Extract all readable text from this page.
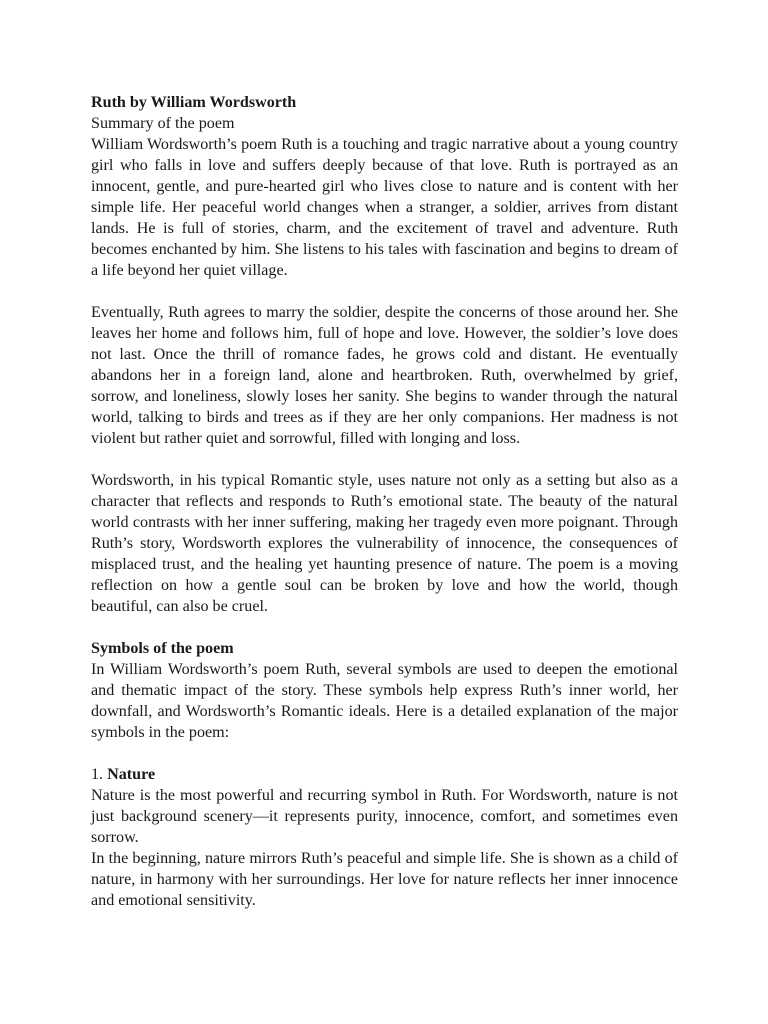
Ruth by William Wordsworth

Summary of the poem

William Wordsworth’s poem Ruth is a touching and tragic narrative about a young country girl who falls in love and suffers deeply because of that love. Ruth is portrayed as an innocent, gentle, and pure-hearted girl who lives close to nature and is content with her simple life. Her peaceful world changes when a stranger, a soldier, arrives from distant lands. He is full of stories, charm, and the excitement of travel and adventure. Ruth becomes enchanted by him. She listens to his tales with fascination and begins to dream of a life beyond her quiet village.

Eventually, Ruth agrees to marry the soldier, despite the concerns of those around her. She leaves her home and follows him, full of hope and love. However, the soldier’s love does not last. Once the thrill of romance fades, he grows cold and distant. He eventually abandons her in a foreign land, alone and heartbroken. Ruth, overwhelmed by grief, sorrow, and loneliness, slowly loses her sanity. She begins to wander through the natural world, talking to birds and trees as if they are her only companions. Her madness is not violent but rather quiet and sorrowful, filled with longing and loss.

Wordsworth, in his typical Romantic style, uses nature not only as a setting but also as a character that reflects and responds to Ruth’s emotional state. The beauty of the natural world contrasts with her inner suffering, making her tragedy even more poignant. Through Ruth’s story, Wordsworth explores the vulnerability of innocence, the consequences of misplaced trust, and the healing yet haunting presence of nature. The poem is a moving reflection on how a gentle soul can be broken by love and how the world, though beautiful, can also be cruel.

Symbols of the poem

In William Wordsworth’s poem Ruth, several symbols are used to deepen the emotional and thematic impact of the story. These symbols help express Ruth’s inner world, her downfall, and Wordsworth’s Romantic ideals. Here is a detailed explanation of the major symbols in the poem:

1. Nature

Nature is the most powerful and recurring symbol in Ruth. For Wordsworth, nature is not just background scenery—it represents purity, innocence, comfort, and sometimes even sorrow.

In the beginning, nature mirrors Ruth’s peaceful and simple life. She is shown as a child of nature, in harmony with her surroundings. Her love for nature reflects her inner innocence and emotional sensitivity.
